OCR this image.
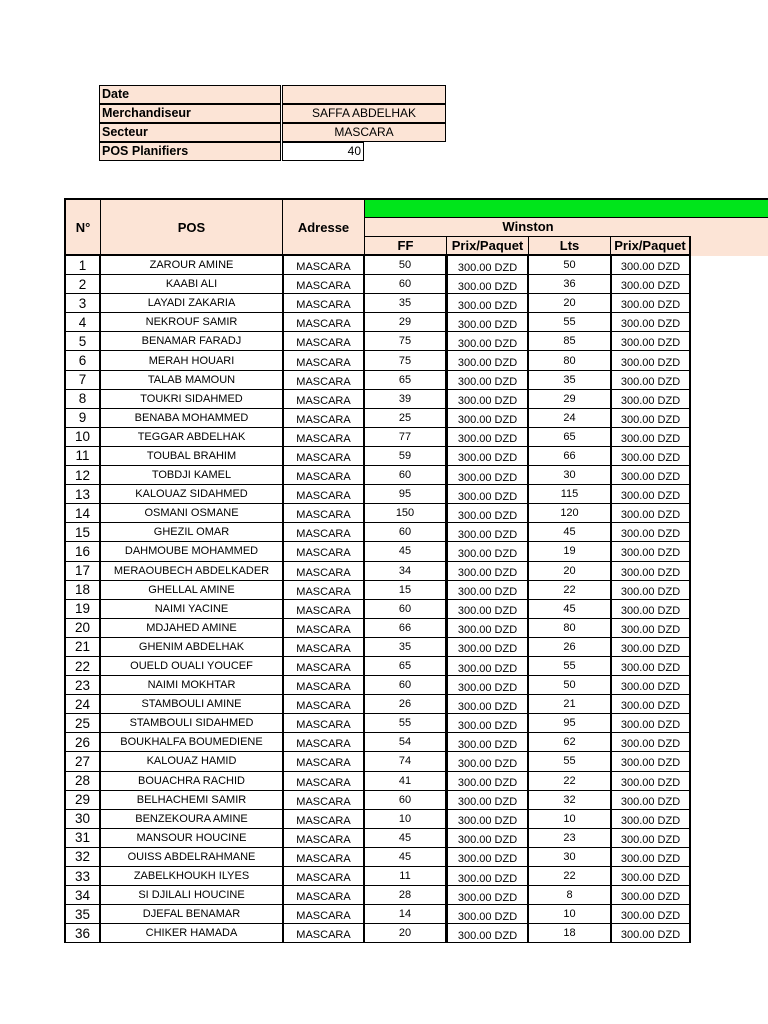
Date
Merchandiseur	SAFFA ABDELHAK
Secteur	MASCARA
POS Planifiers	40
N°	POS	Adresse	Winston
FF	Prix/Paquet	Lts	Prix/Paquet
1	ZAROUR AMINE	MASCARA	50	300.00 DZD	50	300.00 DZD
2	KAABI ALI	MASCARA	60	300.00 DZD	36	300.00 DZD
3	LAYADI ZAKARIA	MASCARA	35	300.00 DZD	20	300.00 DZD
4	NEKROUF SAMIR	MASCARA	29	300.00 DZD	55	300.00 DZD
5	BENAMAR FARADJ	MASCARA	75	300.00 DZD	85	300.00 DZD
6	MERAH HOUARI	MASCARA	75	300.00 DZD	80	300.00 DZD
7	TALAB MAMOUN	MASCARA	65	300.00 DZD	35	300.00 DZD
8	TOUKRI SIDAHMED	MASCARA	39	300.00 DZD	29	300.00 DZD
9	BENABA MOHAMMED	MASCARA	25	300.00 DZD	24	300.00 DZD
10	TEGGAR ABDELHAK	MASCARA	77	300.00 DZD	65	300.00 DZD
11	TOUBAL BRAHIM	MASCARA	59	300.00 DZD	66	300.00 DZD
12	TOBDJI KAMEL	MASCARA	60	300.00 DZD	30	300.00 DZD
13	KALOUAZ SIDAHMED	MASCARA	95	300.00 DZD	115	300.00 DZD
14	OSMANI OSMANE	MASCARA	150	300.00 DZD	120	300.00 DZD
15	GHEZIL OMAR	MASCARA	60	300.00 DZD	45	300.00 DZD
16	DAHMOUBE MOHAMMED	MASCARA	45	300.00 DZD	19	300.00 DZD
17	MERAOUBECH ABDELKADER	MASCARA	34	300.00 DZD	20	300.00 DZD
18	GHELLAL AMINE	MASCARA	15	300.00 DZD	22	300.00 DZD
19	NAIMI YACINE	MASCARA	60	300.00 DZD	45	300.00 DZD
20	MDJAHED AMINE	MASCARA	66	300.00 DZD	80	300.00 DZD
21	GHENIM ABDELHAK	MASCARA	35	300.00 DZD	26	300.00 DZD
22	OUELD OUALI YOUCEF	MASCARA	65	300.00 DZD	55	300.00 DZD
23	NAIMI MOKHTAR	MASCARA	60	300.00 DZD	50	300.00 DZD
24	STAMBOULI AMINE	MASCARA	26	300.00 DZD	21	300.00 DZD
25	STAMBOULI SIDAHMED	MASCARA	55	300.00 DZD	95	300.00 DZD
26	BOUKHALFA BOUMEDIENE	MASCARA	54	300.00 DZD	62	300.00 DZD
27	KALOUAZ HAMID	MASCARA	74	300.00 DZD	55	300.00 DZD
28	BOUACHRA RACHID	MASCARA	41	300.00 DZD	22	300.00 DZD
29	BELHACHEMI SAMIR	MASCARA	60	300.00 DZD	32	300.00 DZD
30	BENZEKOURA AMINE	MASCARA	10	300.00 DZD	10	300.00 DZD
31	MANSOUR HOUCINE	MASCARA	45	300.00 DZD	23	300.00 DZD
32	OUISS ABDELRAHMANE	MASCARA	45	300.00 DZD	30	300.00 DZD
33	ZABELKHOUKH ILYES	MASCARA	11	300.00 DZD	22	300.00 DZD
34	SI DJILALI HOUCINE	MASCARA	28	300.00 DZD	8	300.00 DZD
35	DJEFAL BENAMAR	MASCARA	14	300.00 DZD	10	300.00 DZD
36	CHIKER HAMADA	MASCARA	20	300.00 DZD	18	300.00 DZD
